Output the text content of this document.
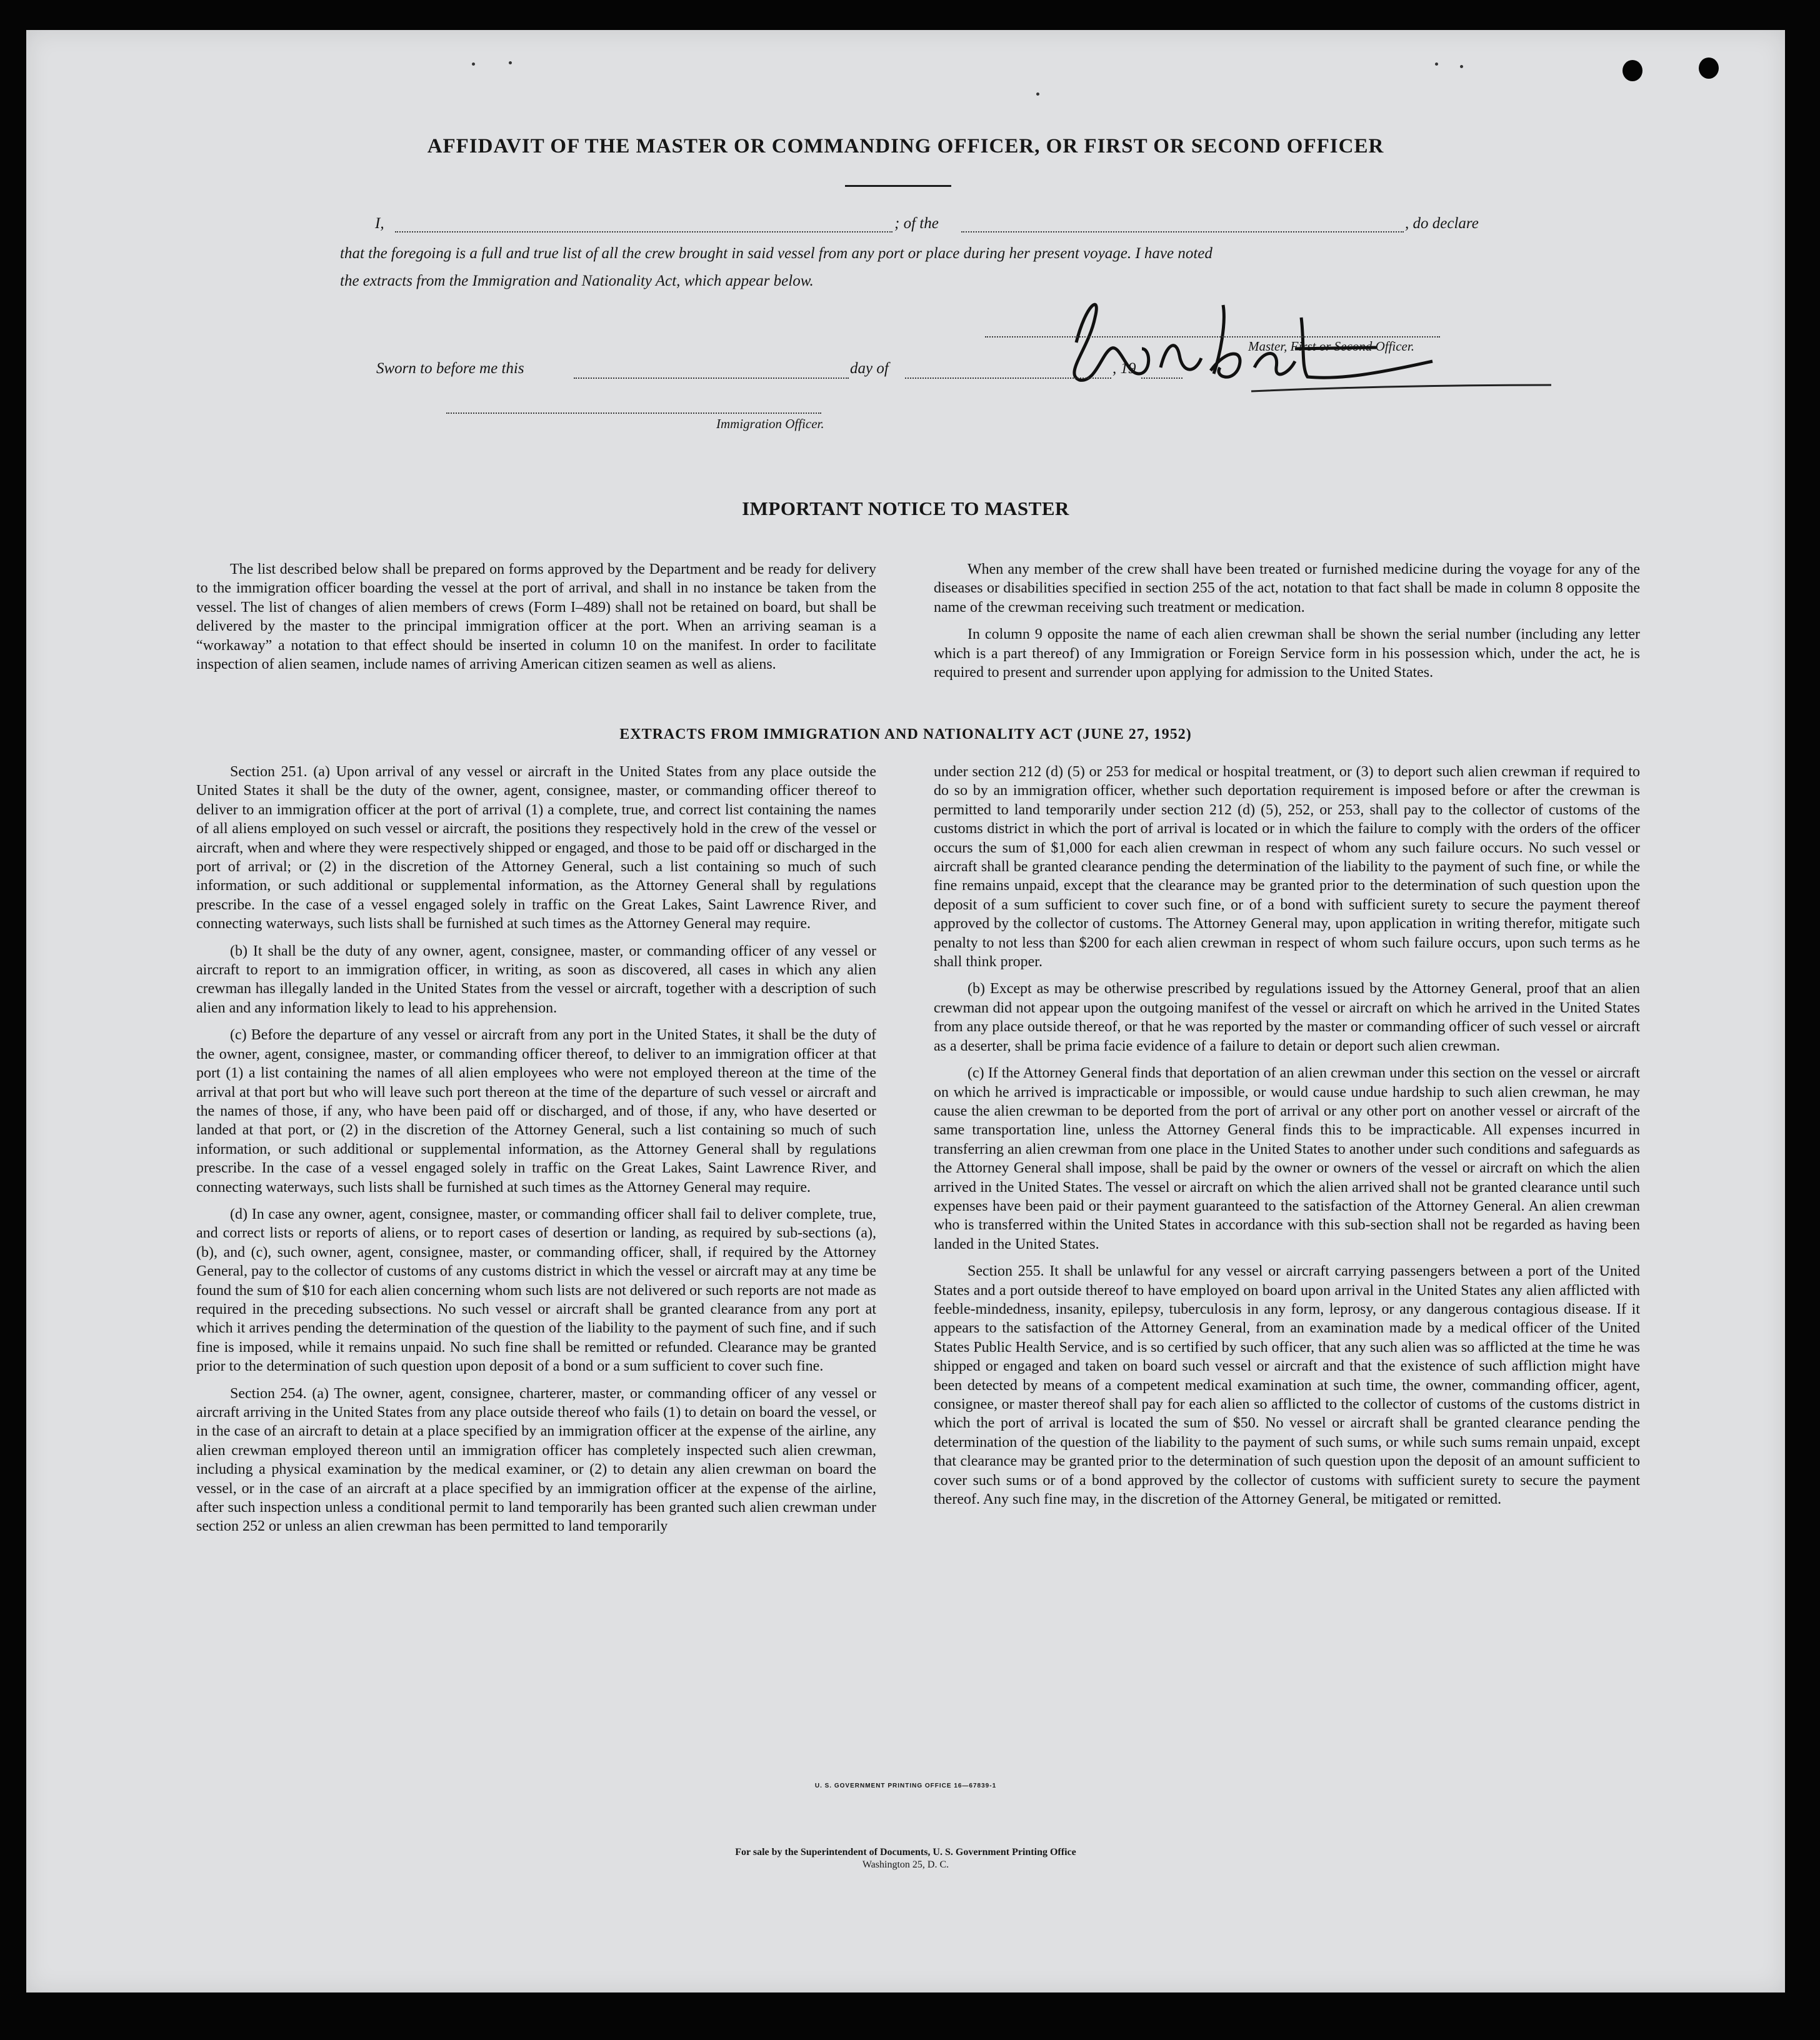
AFFIDAVIT OF THE MASTER OR COMMANDING OFFICER, OR FIRST OR SECOND OFFICER
I,	; of the	, do declare
that the foregoing is a full and true list of all the crew brought in said vessel from any port or place during her present voyage. I have noted
the extracts from the Immigration and Nationality Act, which appear below.
Master, First or Second Officer.
Sworn to before me this	day of	, 19
Immigration Officer.
IMPORTANT NOTICE TO MASTER

The list described below shall be prepared on forms approved by the Department and be ready for delivery to the immigration officer boarding the vessel at the port of arrival, and shall in no instance be taken from the vessel. The list of changes of alien members of crews (Form I–489) shall not be retained on board, but shall be delivered by the master to the principal immigration officer at the port. When an arriving seaman is a “workaway” a notation to that effect should be inserted in column 10 on the manifest. In order to facilitate inspection of alien seamen, include names of arriving American citizen seamen as well as aliens.

When any member of the crew shall have been treated or furnished medicine during the voyage for any of the diseases or disabilities specified in section 255 of the act, notation to that fact shall be made in column 8 opposite the name of the crewman receiving such treatment or medication.

In column 9 opposite the name of each alien crewman shall be shown the serial number (including any letter which is a part thereof) of any Immigration or Foreign Service form in his possession which, under the act, he is required to present and surrender upon applying for admission to the United States.

EXTRACTS FROM IMMIGRATION AND NATIONALITY ACT (JUNE 27, 1952)

Section 251. (a) Upon arrival of any vessel or aircraft in the United States from any place outside the United States it shall be the duty of the owner, agent, consignee, master, or commanding officer thereof to deliver to an immigration officer at the port of arrival (1) a complete, true, and correct list containing the names of all aliens employed on such vessel or aircraft, the positions they respectively hold in the crew of the vessel or aircraft, when and where they were respectively shipped or engaged, and those to be paid off or discharged in the port of arrival; or (2) in the discretion of the Attorney General, such a list containing so much of such information, or such additional or supplemental information, as the Attorney General shall by regulations prescribe. In the case of a vessel engaged solely in traffic on the Great Lakes, Saint Lawrence River, and connecting waterways, such lists shall be furnished at such times as the Attorney General may require.

(b) It shall be the duty of any owner, agent, consignee, master, or commanding officer of any vessel or aircraft to report to an immigration officer, in writing, as soon as discovered, all cases in which any alien crewman has illegally landed in the United States from the vessel or aircraft, together with a description of such alien and any information likely to lead to his apprehension.

(c) Before the departure of any vessel or aircraft from any port in the United States, it shall be the duty of the owner, agent, consignee, master, or commanding officer thereof, to deliver to an immigration officer at that port (1) a list containing the names of all alien employees who were not employed thereon at the time of the arrival at that port but who will leave such port thereon at the time of the departure of such vessel or aircraft and the names of those, if any, who have been paid off or discharged, and of those, if any, who have deserted or landed at that port, or (2) in the discretion of the Attorney General, such a list containing so much of such information, or such additional or supplemental information, as the Attorney General shall by regulations prescribe. In the case of a vessel engaged solely in traffic on the Great Lakes, Saint Lawrence River, and connecting waterways, such lists shall be furnished at such times as the Attorney General may require.

(d) In case any owner, agent, consignee, master, or commanding officer shall fail to deliver complete, true, and correct lists or reports of aliens, or to report cases of desertion or landing, as required by sub-sections (a), (b), and (c), such owner, agent, consignee, master, or commanding officer, shall, if required by the Attorney General, pay to the collector of customs of any customs district in which the vessel or aircraft may at any time be found the sum of $10 for each alien concerning whom such lists are not delivered or such reports are not made as required in the preceding subsections. No such vessel or aircraft shall be granted clearance from any port at which it arrives pending the determination of the question of the liability to the payment of such fine, and if such fine is imposed, while it remains unpaid. No such fine shall be remitted or refunded. Clearance may be granted prior to the determination of such question upon deposit of a bond or a sum sufficient to cover such fine.

Section 254. (a) The owner, agent, consignee, charterer, master, or commanding officer of any vessel or aircraft arriving in the United States from any place outside thereof who fails (1) to detain on board the vessel, or in the case of an aircraft to detain at a place specified by an immigration officer at the expense of the airline, any alien crewman employed thereon until an immigration officer has completely inspected such alien crewman, including a physical examination by the medical examiner, or (2) to detain any alien crewman on board the vessel, or in the case of an aircraft at a place specified by an immigration officer at the expense of the airline, after such inspection unless a conditional permit to land temporarily has been granted such alien crewman under section 252 or unless an alien crewman has been permitted to land temporarily

under section 212 (d) (5) or 253 for medical or hospital treatment, or (3) to deport such alien crewman if required to do so by an immigration officer, whether such deportation requirement is imposed before or after the crewman is permitted to land temporarily under section 212 (d) (5), 252, or 253, shall pay to the collector of customs of the customs district in which the port of arrival is located or in which the failure to comply with the orders of the officer occurs the sum of $1,000 for each alien crewman in respect of whom any such failure occurs. No such vessel or aircraft shall be granted clearance pending the determination of the liability to the payment of such fine, or while the fine remains unpaid, except that the clearance may be granted prior to the determination of such question upon the deposit of a sum sufficient to cover such fine, or of a bond with sufficient surety to secure the payment thereof approved by the collector of customs. The Attorney General may, upon application in writing therefor, mitigate such penalty to not less than $200 for each alien crewman in respect of whom such failure occurs, upon such terms as he shall think proper.

(b) Except as may be otherwise prescribed by regulations issued by the Attorney General, proof that an alien crewman did not appear upon the outgoing manifest of the vessel or aircraft on which he arrived in the United States from any place outside thereof, or that he was reported by the master or commanding officer of such vessel or aircraft as a deserter, shall be prima facie evidence of a failure to detain or deport such alien crewman.

(c) If the Attorney General finds that deportation of an alien crewman under this section on the vessel or aircraft on which he arrived is impracticable or impossible, or would cause undue hardship to such alien crewman, he may cause the alien crewman to be deported from the port of arrival or any other port on another vessel or aircraft of the same transportation line, unless the Attorney General finds this to be impracticable. All expenses incurred in transferring an alien crewman from one place in the United States to another under such conditions and safeguards as the Attorney General shall impose, shall be paid by the owner or owners of the vessel or aircraft on which the alien arrived in the United States. The vessel or aircraft on which the alien arrived shall not be granted clearance until such expenses have been paid or their payment guaranteed to the satisfaction of the Attorney General. An alien crewman who is transferred within the United States in accordance with this sub-section shall not be regarded as having been landed in the United States.

Section 255. It shall be unlawful for any vessel or aircraft carrying passengers between a port of the United States and a port outside thereof to have employed on board upon arrival in the United States any alien afflicted with feeble-mindedness, insanity, epilepsy, tuberculosis in any form, leprosy, or any dangerous contagious disease. If it appears to the satisfaction of the Attorney General, from an examination made by a medical officer of the United States Public Health Service, and is so certified by such officer, that any such alien was so afflicted at the time he was shipped or engaged and taken on board such vessel or aircraft and that the existence of such affliction might have been detected by means of a competent medical examination at such time, the owner, commanding officer, agent, consignee, or master thereof shall pay for each alien so afflicted to the collector of customs of the customs district in which the port of arrival is located the sum of $50. No vessel or aircraft shall be granted clearance pending the determination of the question of the liability to the payment of such sums, or while such sums remain unpaid, except that clearance may be granted prior to the determination of such question upon the deposit of an amount sufficient to cover such sums or of a bond approved by the collector of customs with sufficient surety to secure the payment thereof. Any such fine may, in the discretion of the Attorney General, be mitigated or remitted.

U. S. GOVERNMENT PRINTING OFFICE 16—67839-1
For sale by the Superintendent of Documents, U. S. Government Printing Office
Washington 25, D. C.
